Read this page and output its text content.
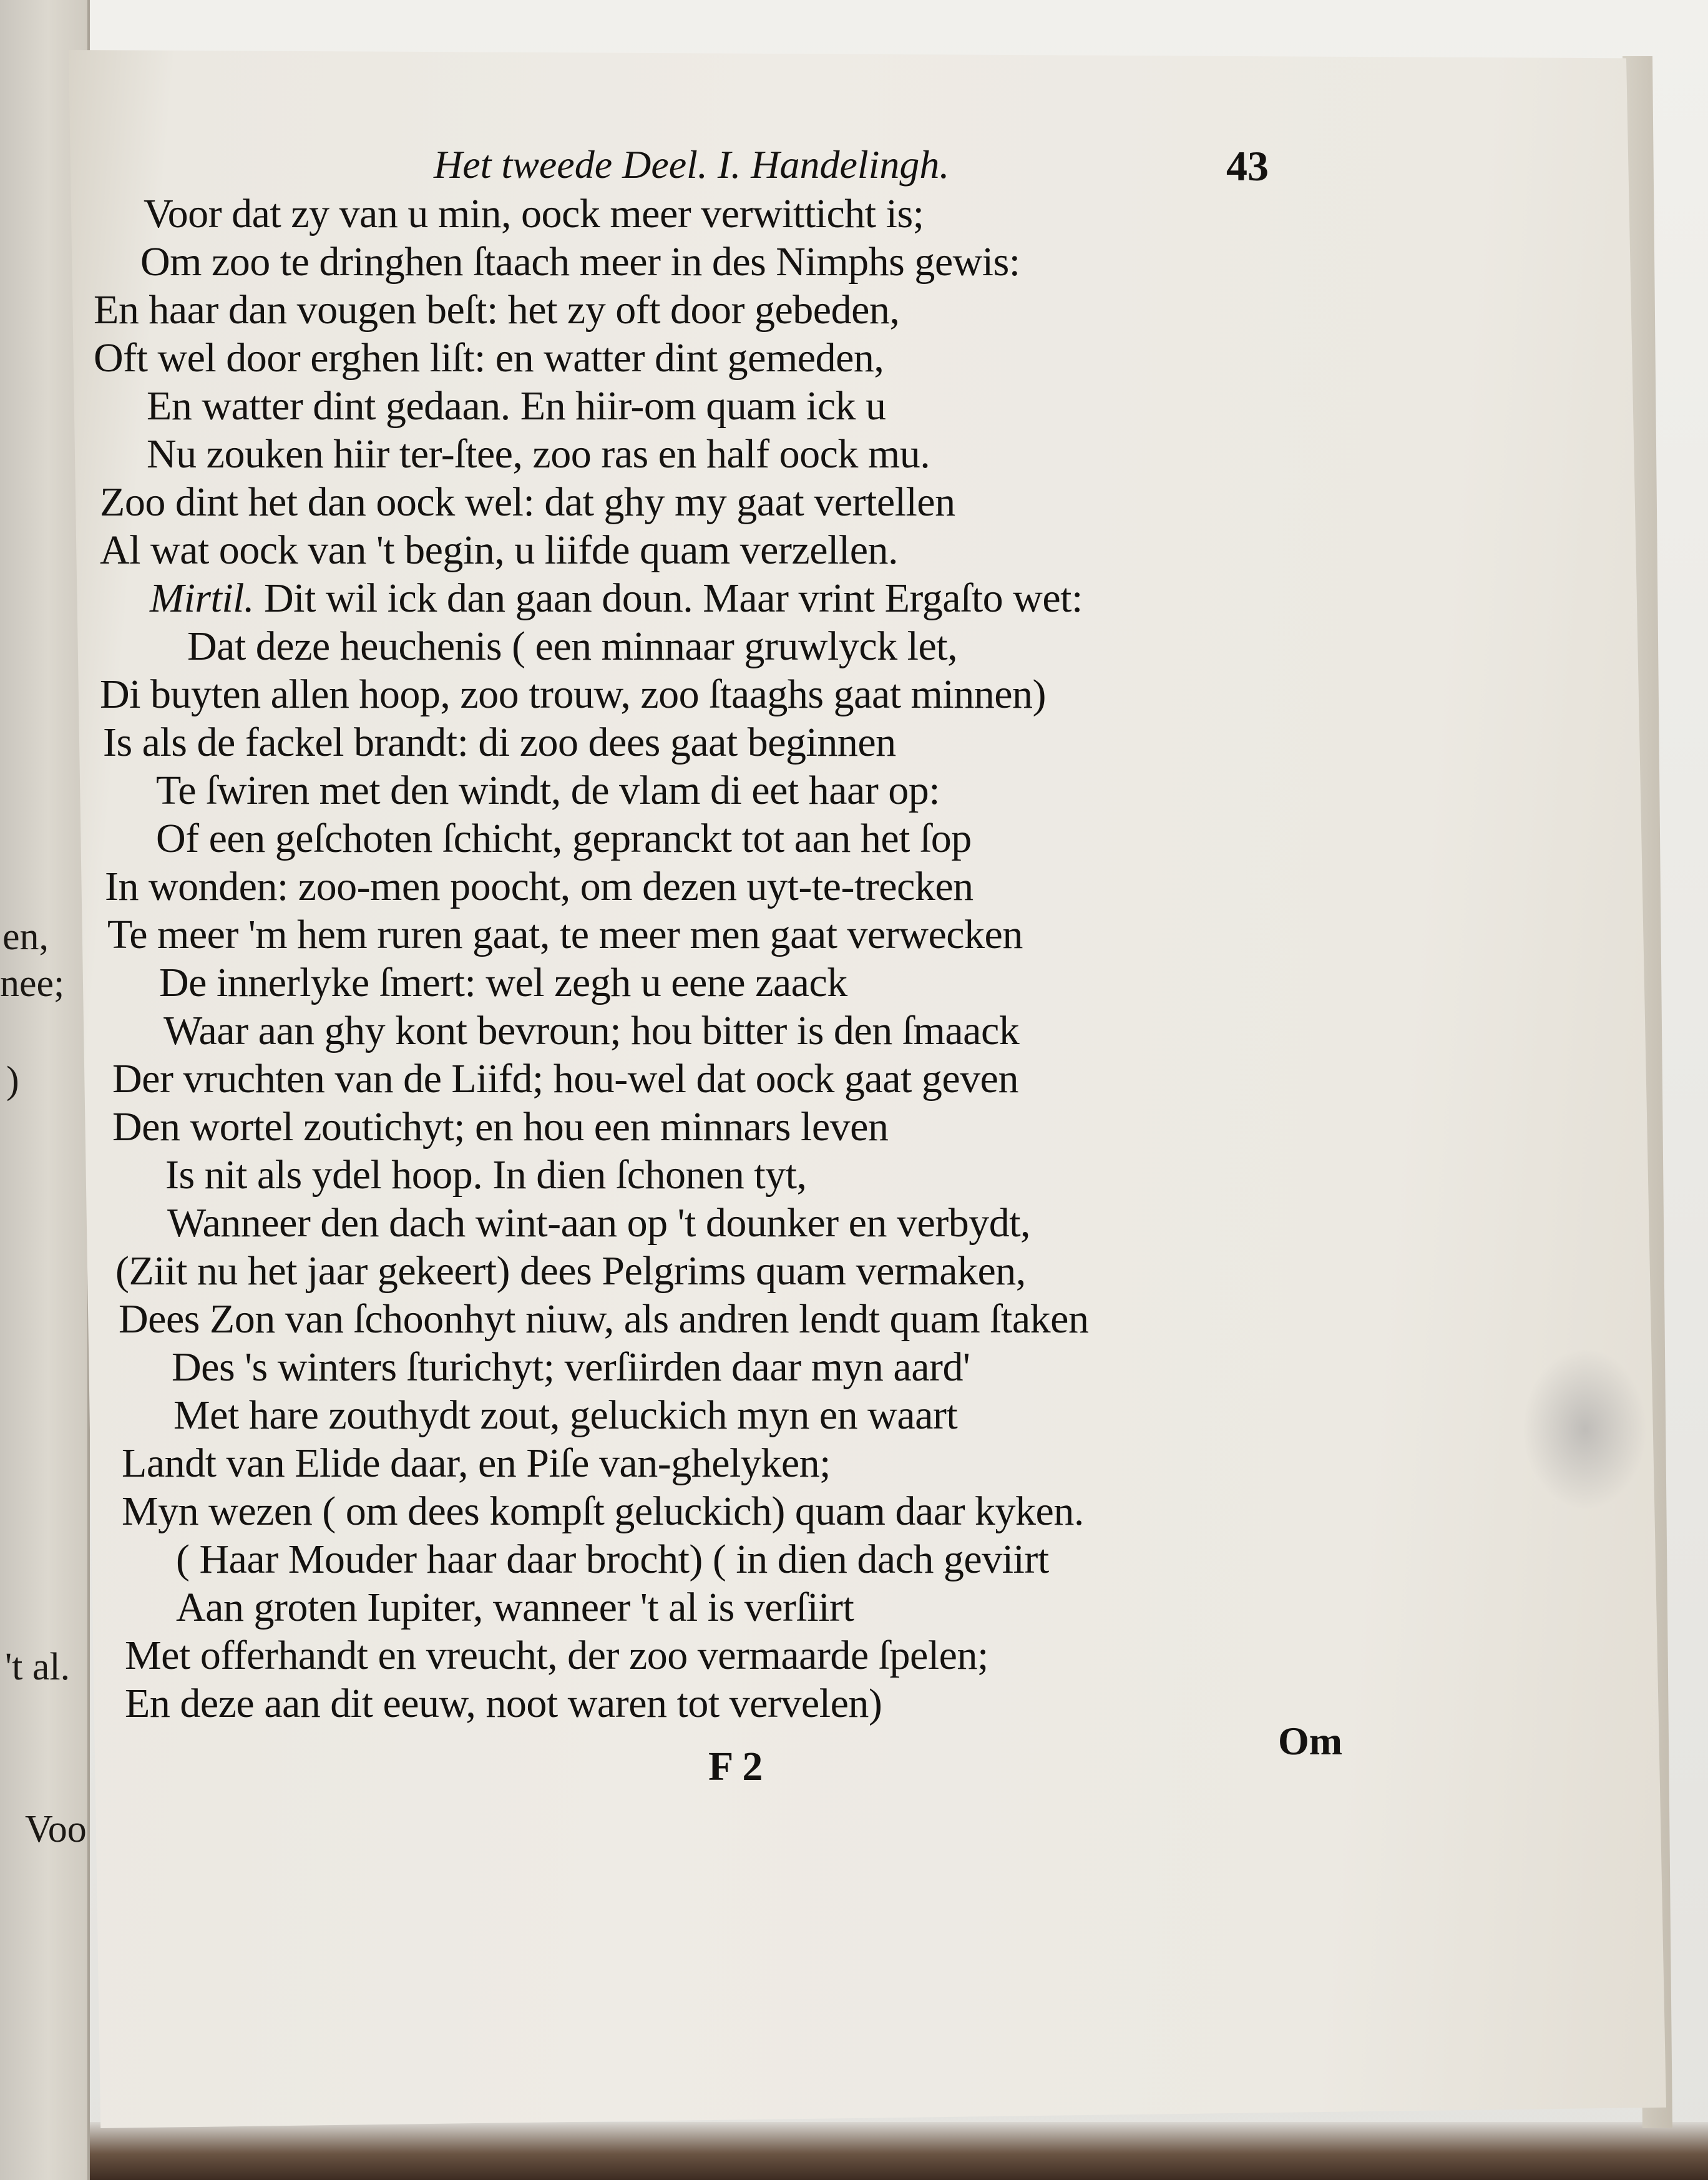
en,
nee;
)
't al.
Voo
Het tweede Deel. I. Handelingh.	43
Voor dat zy van u min, oock meer verwitticht is;
Om zoo te dringhen ſtaach meer in des Nimphs gewis:
En haar dan vougen beſt: het zy oft door gebeden,
Oft wel door erghen liſt: en watter dint gemeden,
En watter dint gedaan. En hiir-om quam ick u
Nu zouken hiir ter-ſtee, zoo ras en half oock mu.
Zoo dint het dan oock wel: dat ghy my gaat vertellen
Al wat oock van 't begin, u liifde quam verzellen.
Mirtil. Dit wil ick dan gaan doun. Maar vrint Ergaſto wet:
Dat deze heuchenis ( een minnaar gruwlyck let,
Di buyten allen hoop, zoo trouw, zoo ſtaaghs gaat minnen)
Is als de fackel brandt: di zoo dees gaat beginnen
Te ſwiren met den windt, de vlam di eet haar op:
Of een geſchoten ſchicht, gepranckt tot aan het ſop
In wonden: zoo-men poocht, om dezen uyt-te-trecken
Te meer 'm hem ruren gaat, te meer men gaat verwecken
De innerlyke ſmert: wel zegh u eene zaack
Waar aan ghy kont bevroun; hou bitter is den ſmaack
Der vruchten van de Liifd; hou-wel dat oock gaat geven
Den wortel zoutichyt; en hou een minnars leven
Is nit als ydel hoop. In dien ſchonen tyt,
Wanneer den dach wint-aan op 't dounker en verbydt,
(Ziit nu het jaar gekeert) dees Pelgrims quam vermaken,
Dees Zon van ſchoonhyt niuw, als andren lendt quam ſtaken
Des 's winters ſturichyt; verſiirden daar myn aard'
Met hare zouthydt zout, geluckich myn en waart
Landt van Elide daar, en Piſe van-ghelyken;
Myn wezen ( om dees kompſt geluckich) quam daar kyken.
( Haar Mouder haar daar brocht) ( in dien dach geviirt
Aan groten Iupiter, wanneer 't al is verſiirt
Met offerhandt en vreucht, der zoo vermaarde ſpelen;
En deze aan dit eeuw, noot waren tot vervelen)
F 2
Om
